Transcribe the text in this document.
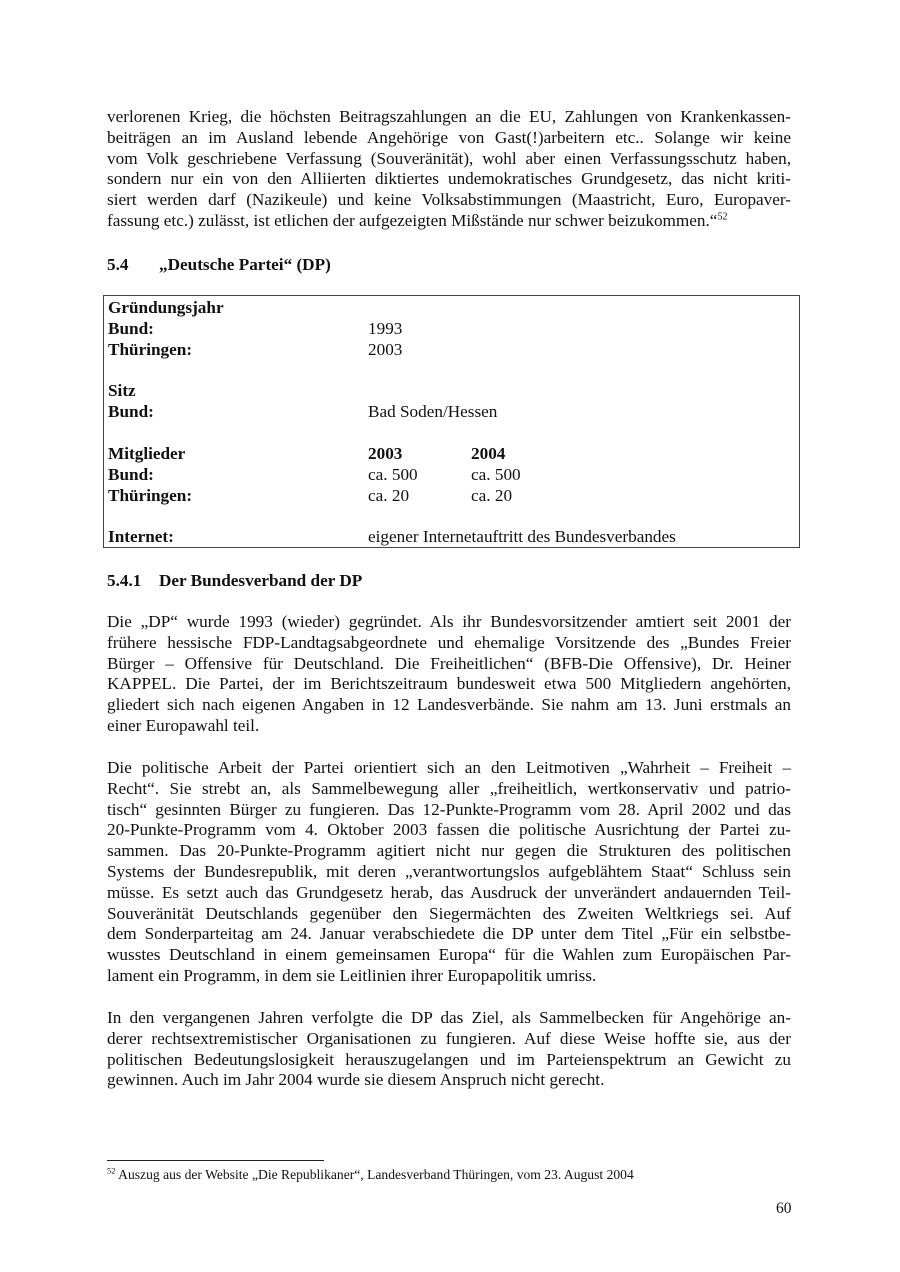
verlorenen Krieg, die höchsten Beitragszahlungen an die EU, Zahlungen von Krankenkassen-
beiträgen an im Ausland lebende Angehörige von Gast(!)arbeitern etc.. Solange wir keine
vom Volk geschriebene Verfassung (Souveränität), wohl aber einen Verfassungsschutz haben,
sondern nur ein von den Alliierten diktiertes undemokratisches Grundgesetz, das nicht kriti-
siert werden darf (Nazikeule) und keine Volksabstimmungen (Maastricht, Euro, Europaver-
fassung etc.) zulässt, ist etlichen der aufgezeigten Mißstände nur schwer beizukommen.“$^{52}$

5.4 „Deutsche Partei“ (DP)

Gründungsjahr
Bund:	1993
Thüringen:	2003
Sitz
Bund:	Bad Soden/Hessen
Mitglieder	2003	2004
Bund:	ca. 500	ca. 500
Thüringen:	ca. 20	ca. 20
Internet:	eigener Internetauftritt des Bundesverbandes

5.4.1 Der Bundesverband der DP

Die „DP“ wurde 1993 (wieder) gegründet. Als ihr Bundesvorsitzender amtiert seit 2001 der
frühere hessische FDP-Landtagsabgeordnete und ehemalige Vorsitzende des „Bundes Freier
Bürger – Offensive für Deutschland. Die Freiheitlichen“ (BFB-Die Offensive), Dr. Heiner
KAPPEL. Die Partei, der im Berichtszeitraum bundesweit etwa 500 Mitgliedern angehörten,
gliedert sich nach eigenen Angaben in 12 Landesverbände. Sie nahm am 13. Juni erstmals an
einer Europawahl teil.

Die politische Arbeit der Partei orientiert sich an den Leitmotiven „Wahrheit – Freiheit –
Recht“. Sie strebt an, als Sammelbewegung aller „freiheitlich, wertkonservativ und patrio-
tisch“ gesinnten Bürger zu fungieren. Das 12-Punkte-Programm vom 28. April 2002 und das
20-Punkte-Programm vom 4. Oktober 2003 fassen die politische Ausrichtung der Partei zu-
sammen. Das 20-Punkte-Programm agitiert nicht nur gegen die Strukturen des politischen
Systems der Bundesrepublik, mit deren „verantwortungslos aufgeblähtem Staat“ Schluss sein
müsse. Es setzt auch das Grundgesetz herab, das Ausdruck der unverändert andauernden Teil-
Souveränität Deutschlands gegenüber den Siegermächten des Zweiten Weltkriegs sei. Auf
dem Sonderparteitag am 24. Januar verabschiedete die DP unter dem Titel „Für ein selbstbe-
wusstes Deutschland in einem gemeinsamen Europa“ für die Wahlen zum Europäischen Par-
lament ein Programm, in dem sie Leitlinien ihrer Europapolitik umriss.

In den vergangenen Jahren verfolgte die DP das Ziel, als Sammelbecken für Angehörige an-
derer rechtsextremistischer Organisationen zu fungieren. Auf diese Weise hoffte sie, aus der
politischen Bedeutungslosigkeit herauszugelangen und im Parteienspektrum an Gewicht zu
gewinnen. Auch im Jahr 2004 wurde sie diesem Anspruch nicht gerecht.

$^{52}$ Auszug aus der Website „Die Republikaner“, Landesverband Thüringen, vom 23. August 2004
60
